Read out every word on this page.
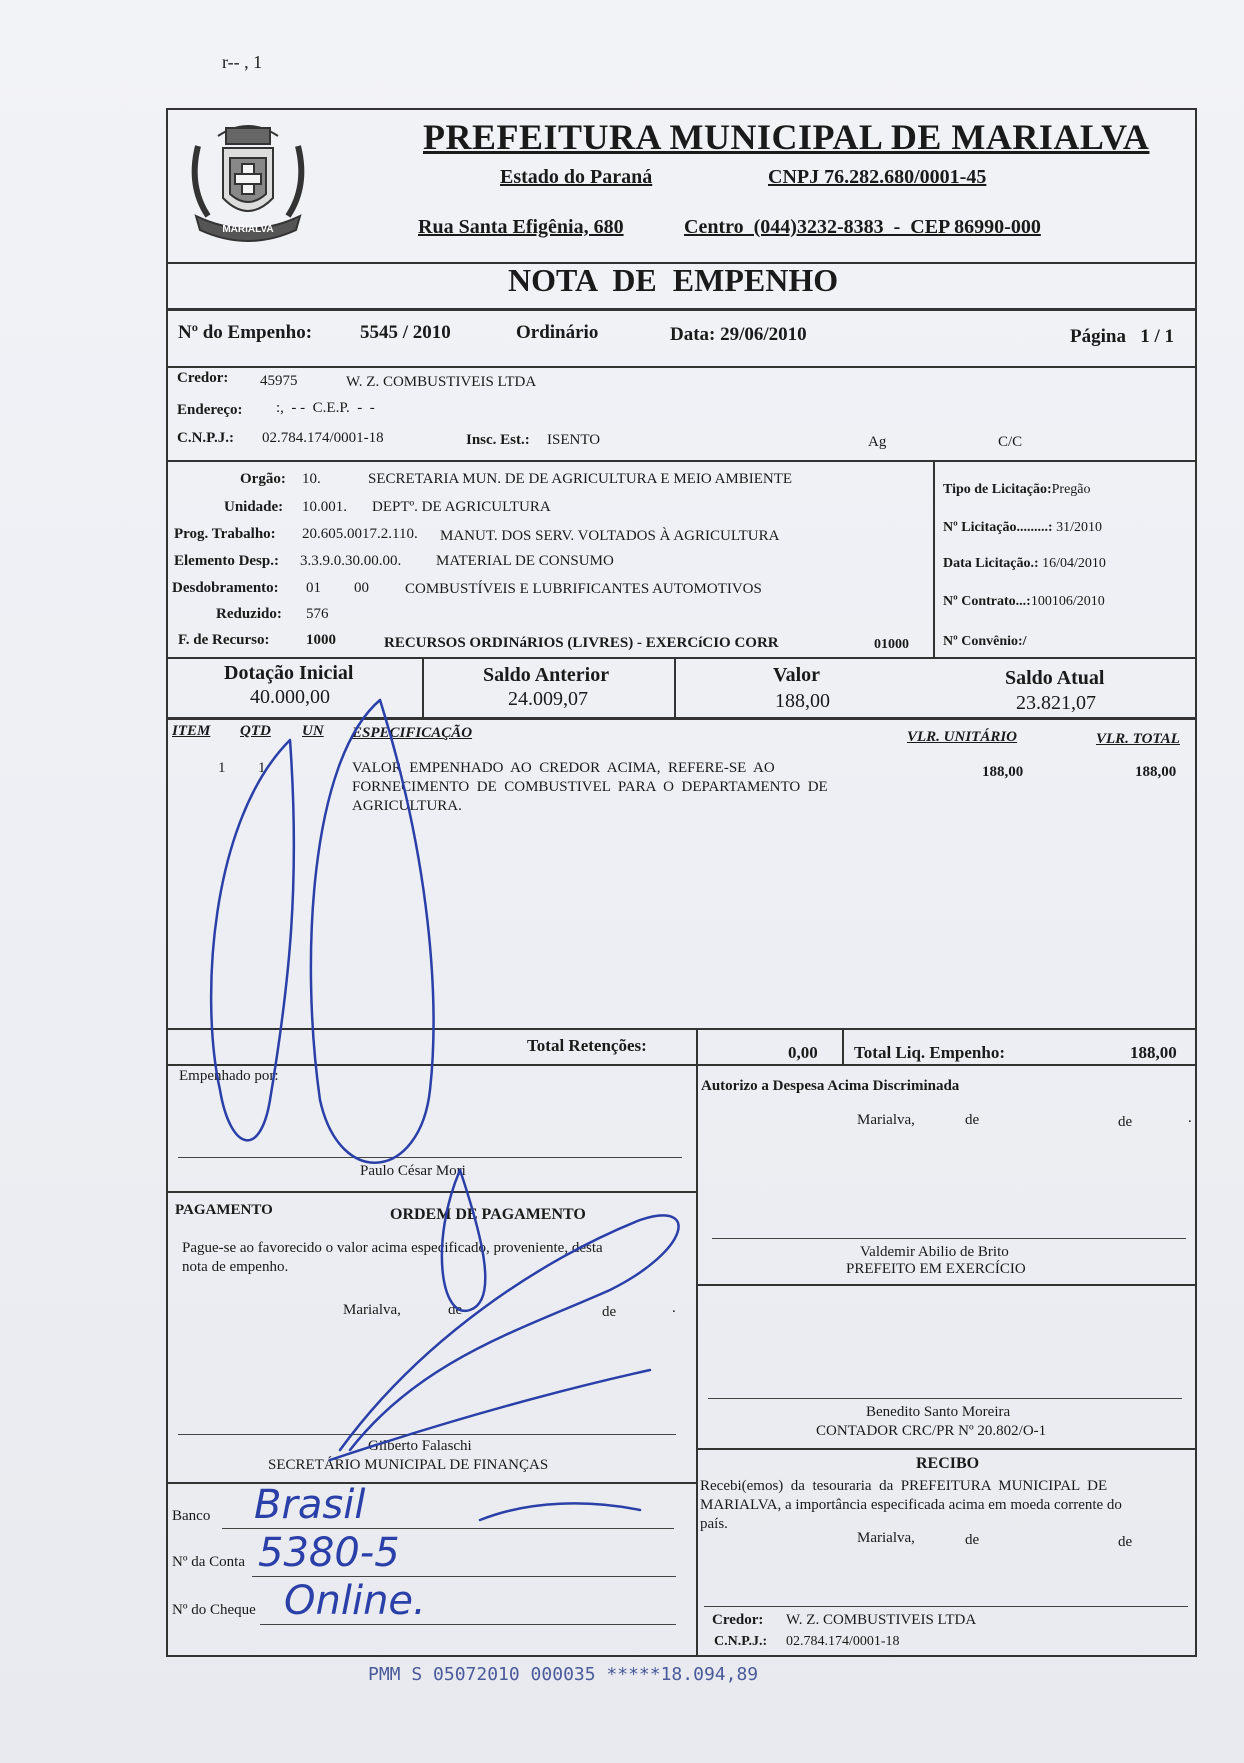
r-- , 1
MARIALVA
PREFEITURA MUNICIPAL DE MARIALVA
Estado do Paraná	CNPJ 76.282.680/0001-45
Rua Santa Efigênia, 680	Centro  (044)3232-8383  -  CEP 86990-000
NOTA  DE  EMPENHO
Nº do Empenho:	5545 / 2010	Ordinário	Data: 29/06/2010	Página   1 / 1
Credor: 45975	W. Z. COMBUSTIVEIS LTDA
Endereço: :,  - -  C.E.P.  -  -
C.N.P.J.: 02.784.174/0001-18	Insc. Est.: ISENTO	Ag	C/C
Orgão: 10.	SECRETARIA MUN. DE DE AGRICULTURA E MEIO AMBIENTE
Unidade: 10.001. DEPTº. DE AGRICULTURA
Prog. Trabalho: 20.605.0017.2.110. MANUT. DOS SERV. VOLTADOS À AGRICULTURA
Elemento Desp.: 3.3.9.0.30.00.00. MATERIAL DE CONSUMO
Desdobramento: 01 00 COMBUSTÍVEIS E LUBRIFICANTES AUTOMOTIVOS
Reduzido: 576
F. de Recurso: 1000	RECURSOS ORDINáRIOS (LIVRES) - EXERCíCIO CORR	01000
Tipo de Licitação:Pregão
Nº Licitação.........: 31/2010
Data Licitação.: 16/04/2010
Nº Contrato...:100106/2010
Nº Convênio:/
Dotação Inicial
40.000,00
Saldo Anterior
24.009,07
Valor
188,00
Saldo Atual
23.821,07
ITEM QTD UN ESPECIFICAÇÃO	VLR. UNITÁRIO	VLR. TOTAL
1 1	VALOR  EMPENHADO  AO  CREDOR  ACIMA,  REFERE-SE  AO
FORNECIMENTO  DE  COMBUSTIVEL  PARA  O  DEPARTAMENTO  DE
AGRICULTURA.
188,00	188,00
Total Retenções:	0,00 Total Liq. Empenho:	188,00
Empenhado por:
Paulo César Mori
PAGAMENTO	ORDEM DE PAGAMENTO
Pague-se ao favorecido o valor acima especificado, proveniente, desta
nota de empenho.
Marialva,	de	de	.
Gilberto Falaschi
SECRETÁRIO MUNICIPAL DE FINANÇAS
Banco Brasil
Nº da Conta 5380-5
Nº do Cheque Online.
Autorizo a Despesa Acima Discriminada
Marialva,	de	de	.
Valdemir Abilio de Brito
PREFEITO EM EXERCÍCIO
Benedito Santo Moreira
CONTADOR CRC/PR Nº 20.802/O-1
RECIBO
Recebi(emos)  da  tesouraria  da  PREFEITURA  MUNICIPAL  DE
MARIALVA, a importância especificada acima em moeda corrente do
país.
Marialva,	de	de
Credor: W. Z. COMBUSTIVEIS LTDA
C.N.P.J.: 02.784.174/0001-18
PMM S 05072010 000035 *****18.094,89
